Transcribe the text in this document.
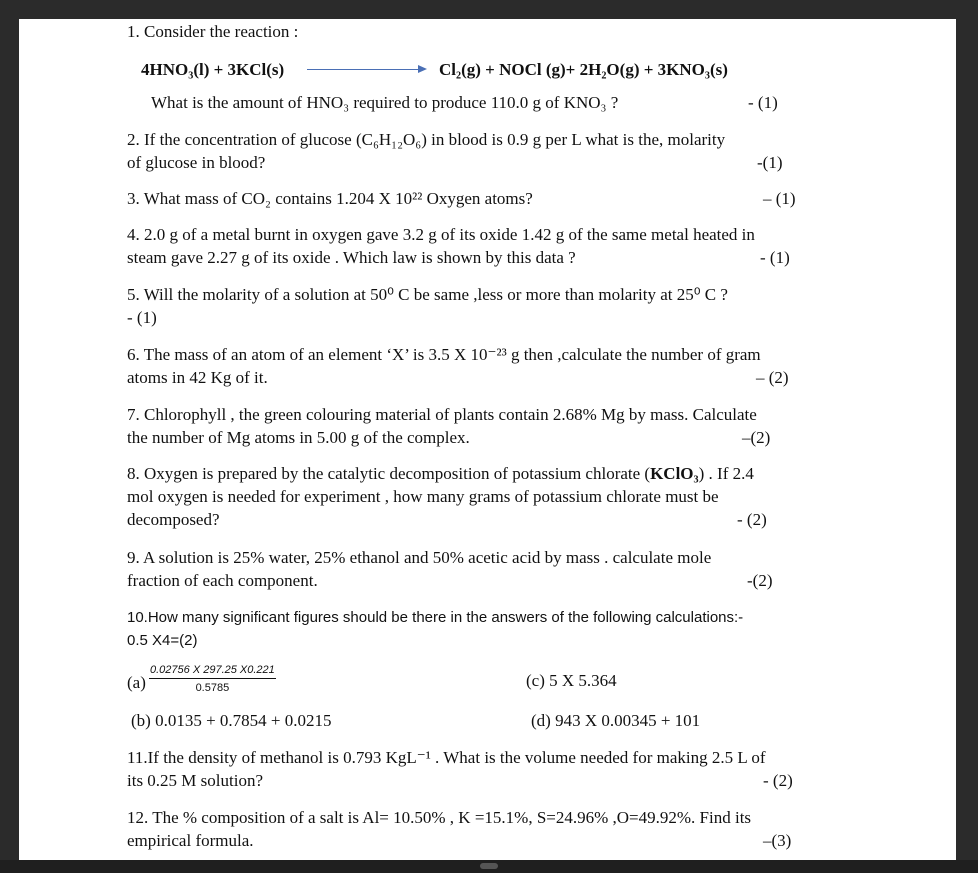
1. Consider the reaction :
4HNO₃(l) + 3KCl(s)	Cl₂(g) + NOCl (g)+ 2H₂O(g) + 3KNO₃(s)
What is the amount of HNO₃ required to produce 110.0 g of KNO₃ ?	- (1)
2. If the concentration of glucose (C₆H₁₂O₆) in blood is 0.9 g per L what is the, molarity
of glucose in blood?	-(1)
3. What mass of CO₂ contains 1.204 X 10²² Oxygen atoms?	– (1)
4. 2.0 g of a metal burnt in oxygen gave 3.2 g of its oxide 1.42 g of the same metal heated in
steam gave 2.27 g of its oxide . Which law is shown by this data ?	- (1)
5. Will the molarity of a solution at 50⁰ C be same ,less or more than molarity at 25⁰ C ?
- (1)
6. The mass of an atom of an element ‘X’ is 3.5 X 10⁻²³ g then ,calculate the number of gram
atoms in 42 Kg of it.	– (2)
7. Chlorophyll , the green colouring material of plants contain 2.68% Mg by mass. Calculate
the number of Mg atoms in 5.00 g of the complex.	–(2)
8. Oxygen is prepared by the catalytic decomposition of potassium chlorate (KClO₃) . If 2.4
mol oxygen is needed for experiment , how many grams of potassium chlorate must be
decomposed?	- (2)
9. A solution is 25% water, 25% ethanol and 50% acetic acid by mass . calculate mole
fraction of each component.	-(2)
10.How many significant figures should be there in the answers of the following calculations:-
0.5 X4=(2)
$(a) \frac{0.02756 X 297.25 X0.221}{0.5785}$	(c) 5 X 5.364
(b) 0.0135 + 0.7854 + 0.0215	(d) 943 X 0.00345 + 101
11.If the density of methanol is 0.793 KgL⁻¹ . What is the volume needed for making 2.5 L of
its 0.25 M solution?	- (2)
12. The % composition of a salt is Al= 10.50% , K =15.1%, S=24.96% ,O=49.92%. Find its
empirical formula.	–(3)
